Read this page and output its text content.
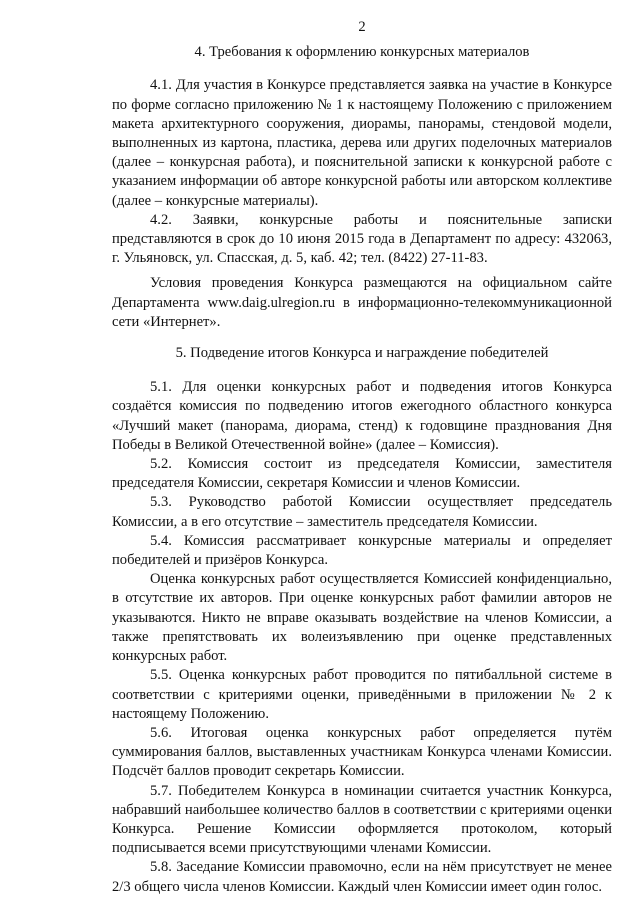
2
4. Требования к оформлению конкурсных материалов

4.1. Для участия в Конкурсе представляется заявка на участие в Конкурсе по форме согласно приложению № 1 к настоящему Положению с приложением макета архитектурного сооружения, диорамы, панорамы, стендовой модели, выполненных из картона, пластика, дерева или других поделочных материалов (далее – конкурсная работа), и пояснительной записки к конкурсной работе с указанием информации об авторе конкурсной работы или авторском коллективе (далее – конкурсные материалы).

4.2. Заявки, конкурсные работы и пояснительные записки представляются в срок до 10 июня 2015 года в Департамент по адресу: 432063, г. Ульяновск, ул. Спасская, д. 5, каб. 42; тел. (8422) 27-11-83.

Условия проведения Конкурса размещаются на официальном сайте Департамента www.daig.ulregion.ru в информационно-телекоммуникационной сети «Интернет».

5. Подведение итогов Конкурса и награждение победителей

5.1. Для оценки конкурсных работ и подведения итогов Конкурса создаётся комиссия по подведению итогов ежегодного областного конкурса «Лучший макет (панорама, диорама, стенд) к годовщине празднования Дня Победы в Великой Отечественной войне» (далее – Комиссия).

5.2. Комиссия состоит из председателя Комиссии, заместителя председателя Комиссии, секретаря Комиссии и членов Комиссии.

5.3. Руководство работой Комиссии осуществляет председатель Комиссии, а в его отсутствие – заместитель председателя Комиссии.

5.4. Комиссия рассматривает конкурсные материалы и определяет победителей и призёров Конкурса.

Оценка конкурсных работ осуществляется Комиссией конфиденциально, в отсутствие их авторов. При оценке конкурсных работ фамилии авторов не указываются. Никто не вправе оказывать воздействие на членов Комиссии, а также препятствовать их волеизъявлению при оценке представленных конкурсных работ.

5.5. Оценка конкурсных работ проводится по пятибалльной системе в соответствии с критериями оценки, приведёнными в приложении № 2 к настоящему Положению.

5.6. Итоговая оценка конкурсных работ определяется путём суммирования баллов, выставленных участникам Конкурса членами Комиссии. Подсчёт баллов проводит секретарь Комиссии.

5.7. Победителем Конкурса в номинации считается участник Конкурса, набравший наибольшее количество баллов в соответствии с критериями оценки Конкурса. Решение Комиссии оформляется протоколом, который подписывается всеми присутствующими членами Комиссии.

5.8. Заседание Комиссии правомочно, если на нём присутствует не менее 2/3 общего числа членов Комиссии. Каждый член Комиссии имеет один голос.
